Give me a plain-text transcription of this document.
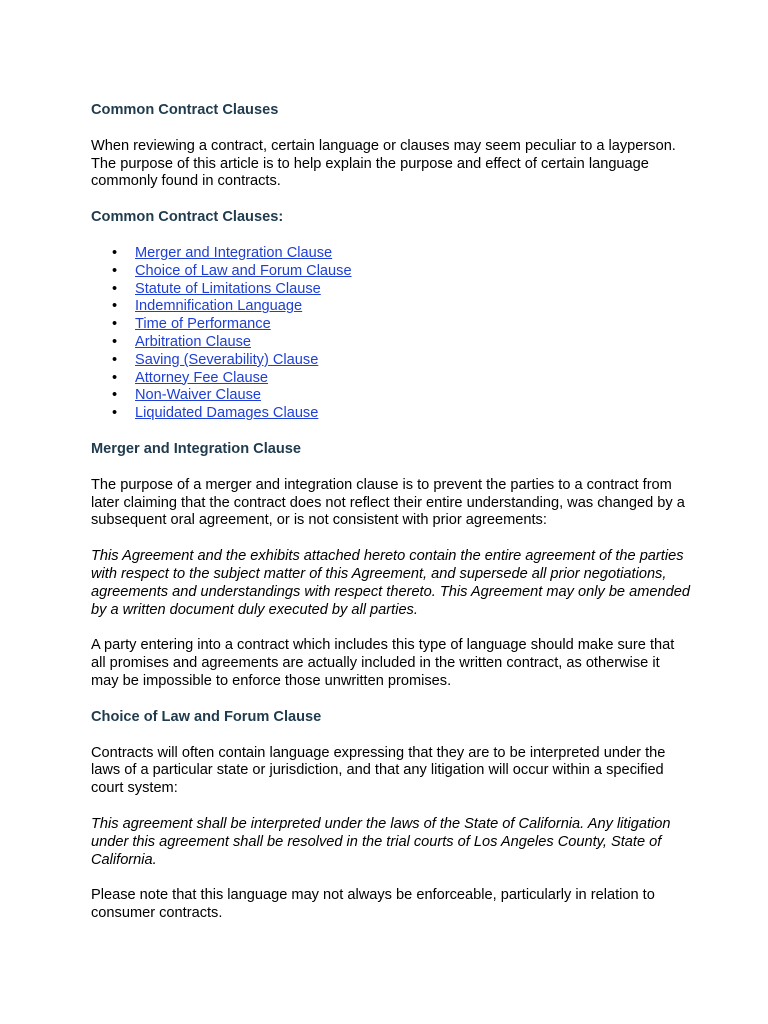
Common Contract Clauses

When reviewing a contract, certain language or clauses may seem peculiar to a layperson. The purpose of this article is to help explain the purpose and effect of certain language commonly found in contracts.

Common Contract Clauses:
• Merger and Integration Clause
• Choice of Law and Forum Clause
• Statute of Limitations Clause
• Indemnification Language
• Time of Performance
• Arbitration Clause
• Saving (Severability) Clause
• Attorney Fee Clause
• Non-Waiver Clause
• Liquidated Damages Clause
Merger and Integration Clause

The purpose of a merger and integration clause is to prevent the parties to a contract from later claiming that the contract does not reflect their entire understanding, was changed by a subsequent oral agreement, or is not consistent with prior agreements:

This Agreement and the exhibits attached hereto contain the entire agreement of the parties with respect to the subject matter of this Agreement, and supersede all prior negotiations, agreements and understandings with respect thereto. This Agreement may only be amended by a written document duly executed by all parties.

A party entering into a contract which includes this type of language should make sure that all promises and agreements are actually included in the written contract, as otherwise it may be impossible to enforce those unwritten promises.

Choice of Law and Forum Clause

Contracts will often contain language expressing that they are to be interpreted under the laws of a particular state or jurisdiction, and that any litigation will occur within a specified court system:

This agreement shall be interpreted under the laws of the State of California. Any litigation under this agreement shall be resolved in the trial courts of Los Angeles County, State of California.

Please note that this language may not always be enforceable, particularly in relation to consumer contracts.
